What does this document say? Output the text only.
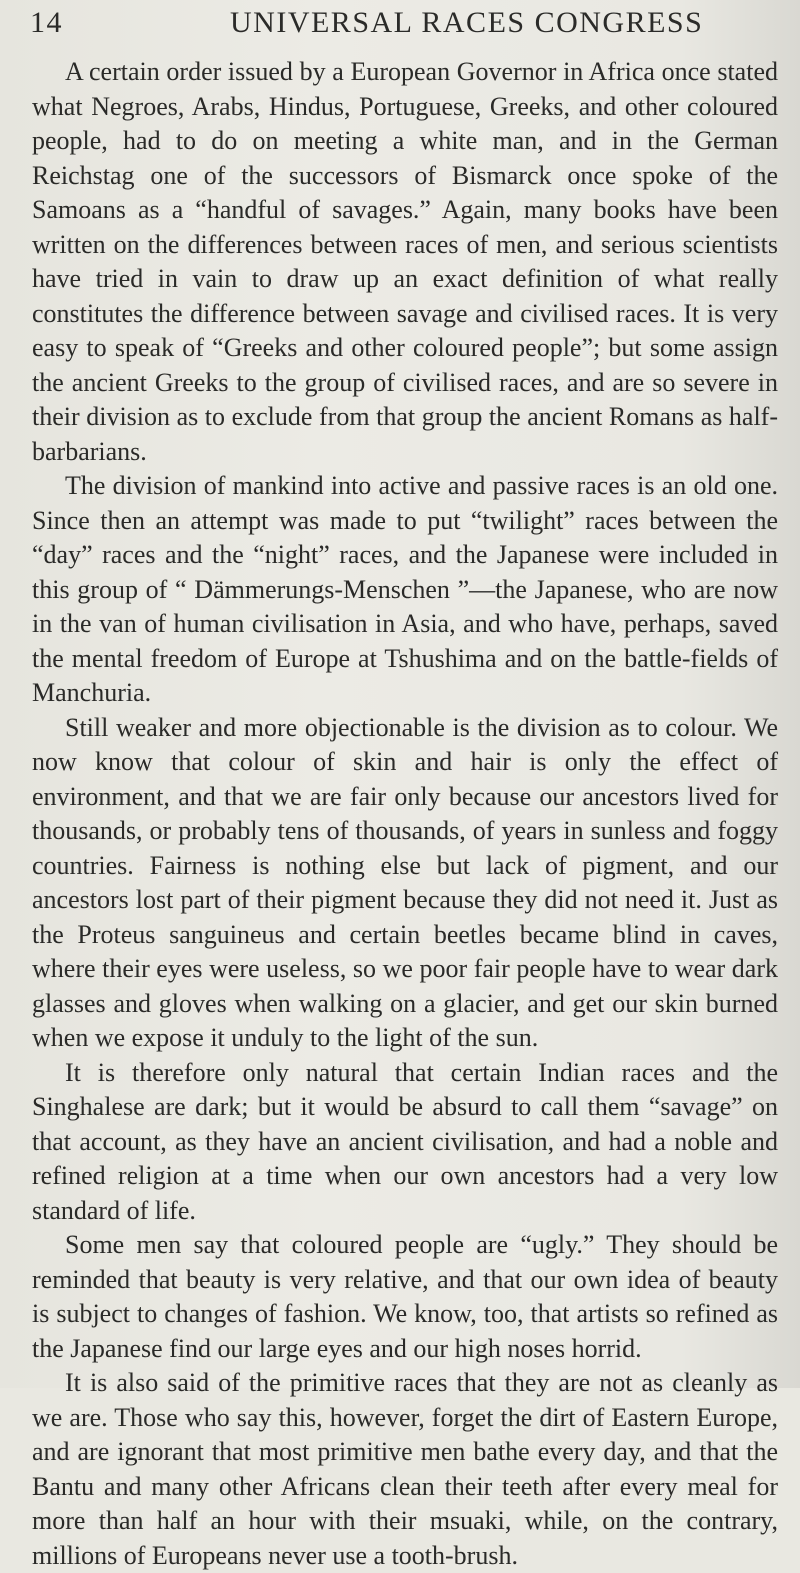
14	UNIVERSAL RACES CONGRESS

A certain order issued by a European Governor in Africa once stated what Negroes, Arabs, Hindus, Portuguese, Greeks, and other coloured people, had to do on meeting a white man, and in the German Reichstag one of the successors of Bismarck once spoke of the Samoans as a “handful of savages.” Again, many books have been written on the differences between races of men, and serious scientists have tried in vain to draw up an exact definition of what really constitutes the difference between savage and civilised races. It is very easy to speak of “Greeks and other coloured people”; but some assign the ancient Greeks to the group of civilised races, and are so severe in their division as to exclude from that group the ancient Romans as half-barbarians.

The division of mankind into active and passive races is an old one. Since then an attempt was made to put “twilight” races between the “day” races and the “night” races, and the Japanese were included in this group of “ Dämmerungs-Menschen ”—the Japanese, who are now in the van of human civilisation in Asia, and who have, perhaps, saved the mental freedom of Europe at Tshushima and on the battle-fields of Manchuria.

Still weaker and more objectionable is the division as to colour. We now know that colour of skin and hair is only the effect of environment, and that we are fair only because our ancestors lived for thousands, or probably tens of thousands, of years in sunless and foggy countries. Fairness is nothing else but lack of pigment, and our ancestors lost part of their pigment because they did not need it. Just as the Proteus sanguineus and certain beetles became blind in caves, where their eyes were useless, so we poor fair people have to wear dark glasses and gloves when walking on a glacier, and get our skin burned when we expose it unduly to the light of the sun.

It is therefore only natural that certain Indian races and the Singhalese are dark; but it would be absurd to call them “savage” on that account, as they have an ancient civilisation, and had a noble and refined religion at a time when our own ancestors had a very low standard of life.

Some men say that coloured people are “ugly.” They should be reminded that beauty is very relative, and that our own idea of beauty is subject to changes of fashion. We know, too, that artists so refined as the Japanese find our large eyes and our high noses horrid.

It is also said of the primitive races that they are not as cleanly as we are. Those who say this, however, forget the dirt of Eastern Europe, and are ignorant that most primitive men bathe every day, and that the Bantu and many other Africans clean their teeth after every meal for more than half an hour with their msuaki, while, on the contrary, millions of Europeans never use a tooth-brush.
